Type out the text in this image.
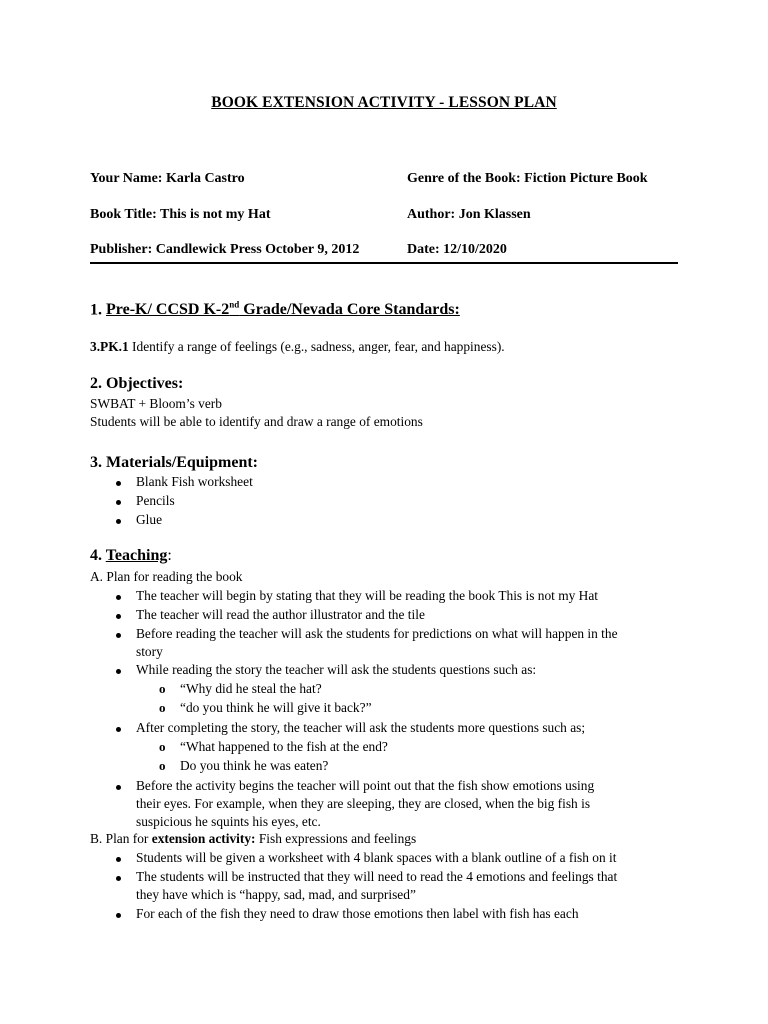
BOOK EXTENSION ACTIVITY - LESSON PLAN
Your Name: Karla Castro	Genre of the Book: Fiction Picture Book
Book Title: This is not my Hat	Author: Jon Klassen
Publisher: Candlewick Press October 9, 2012	Date: 12/10/2020
1. Pre-K/ CCSD K-2nd Grade/Nevada Core Standards:
3.PK.1 Identify a range of feelings (e.g., sadness, anger, fear, and happiness).
2. Objectives:
SWBAT + Bloom’s verb
Students will be able to identify and draw a range of emotions
3. Materials/Equipment:
Blank Fish worksheet
Pencils
Glue
4. Teaching:
A. Plan for reading the book
The teacher will begin by stating that they will be reading the book This is not my Hat
The teacher will read the author illustrator and the tile
Before reading the teacher will ask the students for predictions on what will happen in the
story
While reading the story the teacher will ask the students questions such as:
o “Why did he steal the hat?
o “do you think he will give it back?”
After completing the story, the teacher will ask the students more questions such as;
o “What happened to the fish at the end?
o Do you think he was eaten?
Before the activity begins the teacher will point out that the fish show emotions using
their eyes. For example, when they are sleeping, they are closed, when the big fish is
suspicious he squints his eyes, etc.
B. Plan for extension activity: Fish expressions and feelings
Students will be given a worksheet with 4 blank spaces with a blank outline of a fish on it
The students will be instructed that they will need to read the 4 emotions and feelings that
they have which is “happy, sad, mad, and surprised”
For each of the fish they need to draw those emotions then label with fish has each
